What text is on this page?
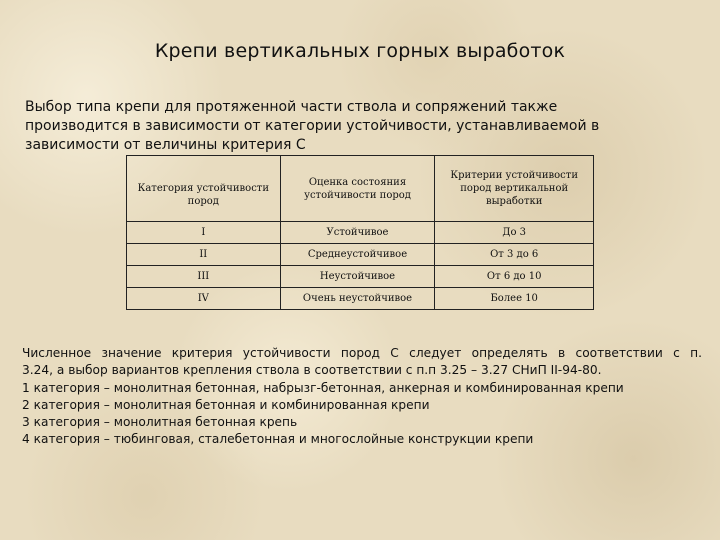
Крепи вертикальных горных выработок

Выбор типа крепи для протяженной части ствола и сопряжений также
производится в зависимости от категории устойчивости, устанавливаемой в
зависимости от величины критерия С

Категория устойчивости пород	Оценка состояния устойчивости пород	Критерии устойчивости пород вертикальной выработки
I	Устойчивое	До 3
II	Среднеустойчивое	От 3 до 6
III	Неустойчивое	От 6 до 10
IV	Очень неустойчивое	Более 10
Численное значение критерия устойчивости пород С следует определять в соответствии с п.
3.24, а выбор вариантов крепления ствола в соответствии с п.п 3.25 – 3.27 СНиП II-94-80.
1 категория – монолитная бетонная, набрызг-бетонная, анкерная и комбинированная крепи
2 категория – монолитная бетонная и комбинированная крепи
3 категория – монолитная бетонная крепь
4 категория – тюбинговая, сталебетонная и многослойные конструкции крепи
